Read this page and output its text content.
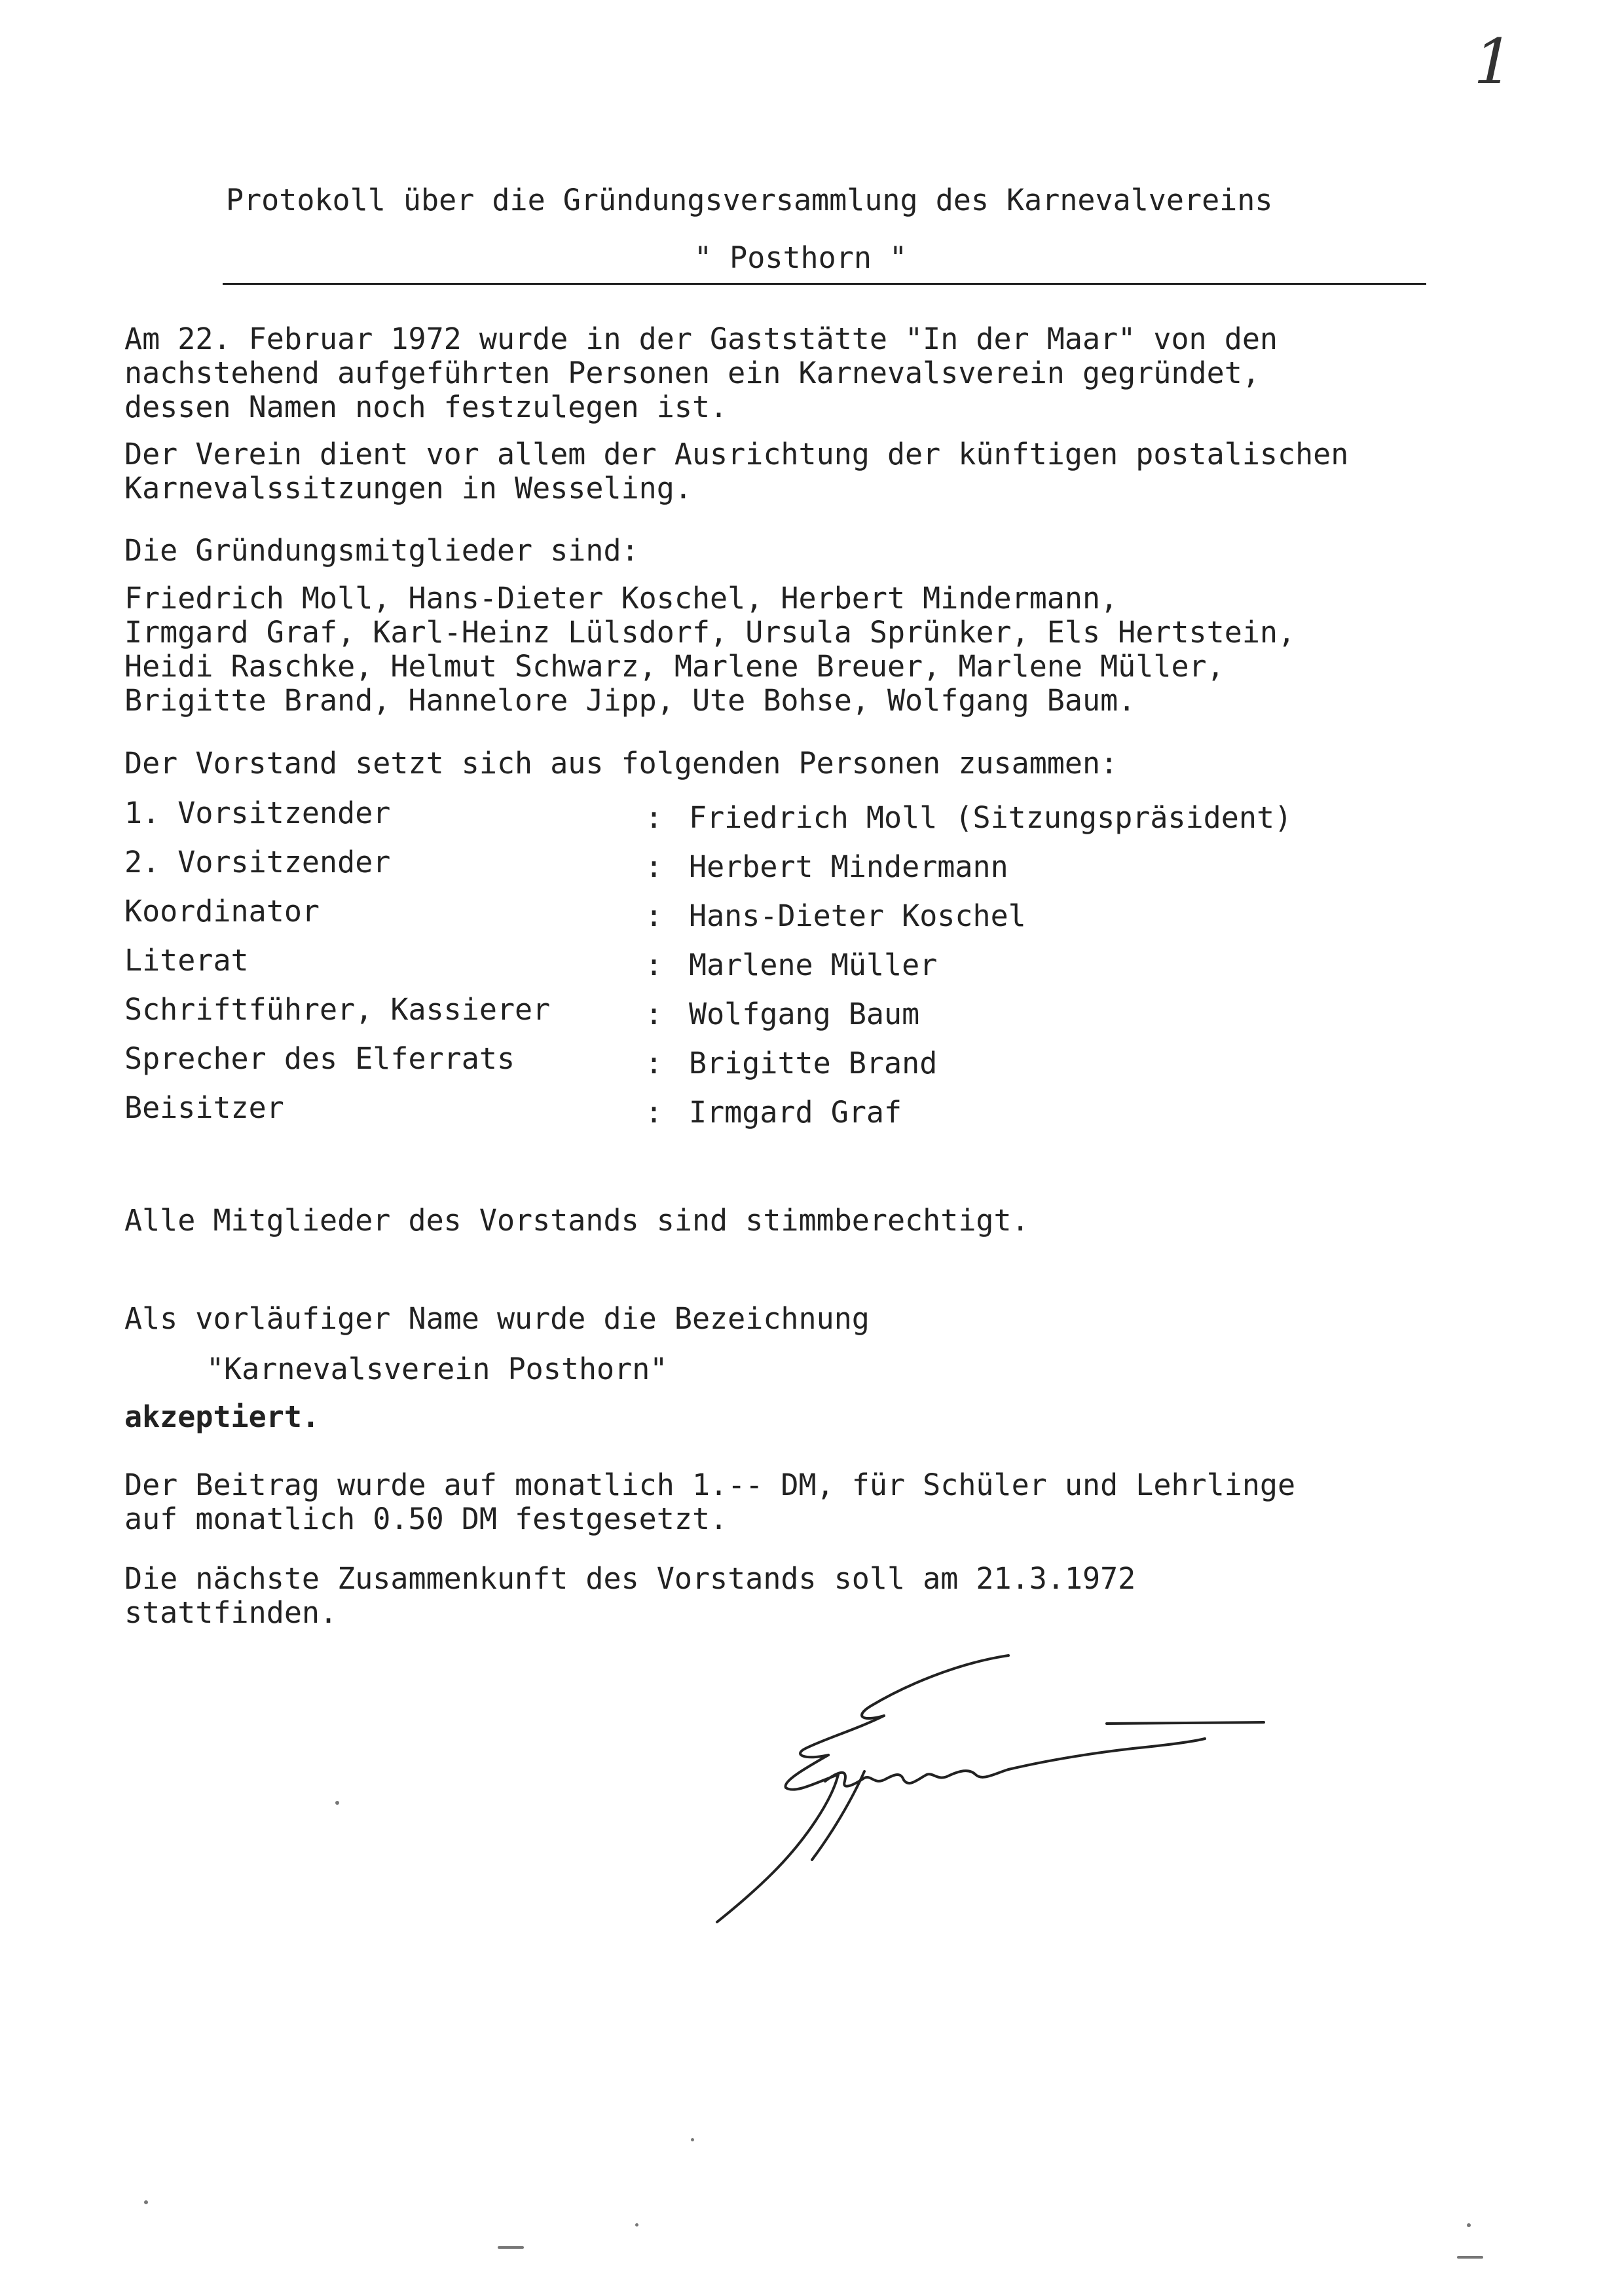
1
Protokoll über die Gründungsversammlung des Karnevalvereins
" Posthorn "
Am 22. Februar 1972 wurde in der Gaststätte "In der Maar" von den
nachstehend aufgeführten Personen ein Karnevalsverein gegründet,
dessen Namen noch festzulegen ist.
Der Verein dient vor allem der Ausrichtung der künftigen postalischen
Karnevalssitzungen in Wesseling.
Die Gründungsmitglieder sind:
Friedrich Moll, Hans-Dieter Koschel, Herbert Mindermann,
Irmgard Graf, Karl-Heinz Lülsdorf, Ursula Sprünker, Els Hertstein,
Heidi Raschke, Helmut Schwarz, Marlene Breuer, Marlene Müller,
Brigitte Brand, Hannelore Jipp, Ute Bohse, Wolfgang Baum.
Der Vorstand setzt sich aus folgenden Personen zusammen:
1. Vorsitzender	: Friedrich Moll (Sitzungspräsident)
2. Vorsitzender	: Herbert Mindermann
Koordinator	: Hans-Dieter Koschel
Literat	: Marlene Müller
Schriftführer, Kassierer	: Wolfgang Baum
Sprecher des Elferrats	: Brigitte Brand
Beisitzer	: Irmgard Graf
Alle Mitglieder des Vorstands sind stimmberechtigt.
Als vorläufiger Name wurde die Bezeichnung
"Karnevalsverein Posthorn"
akzeptiert.
Der Beitrag wurde auf monatlich 1.-- DM, für Schüler und Lehrlinge
auf monatlich 0.50 DM festgesetzt.
Die nächste Zusammenkunft des Vorstands soll am 21.3.1972
stattfinden.
